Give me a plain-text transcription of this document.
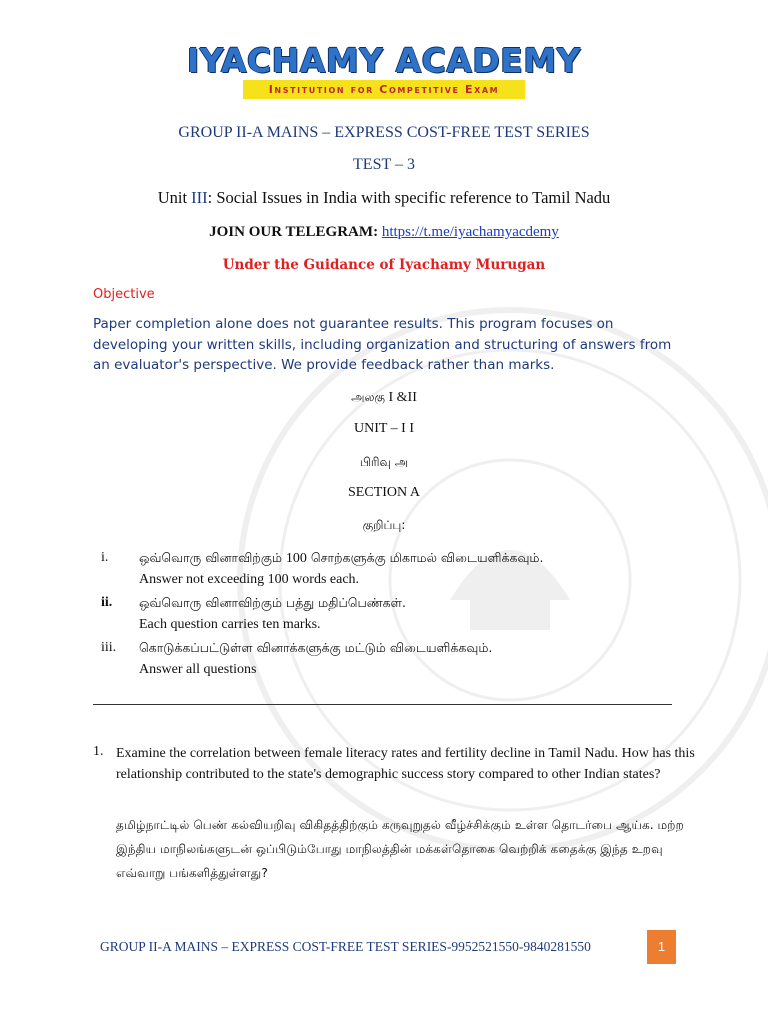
IYACHAMY ACADEMY
Institution for Competitive Exam
GROUP II-A MAINS – EXPRESS COST-FREE TEST SERIES
TEST – 3
Unit III: Social Issues in India with specific reference to Tamil Nadu
JOIN OUR TELEGRAM: https://t.me/iyachamyacdemy
Under the Guidance of Iyachamy Murugan
Objective
Paper completion alone does not guarantee results. This program focuses on developing your written skills, including organization and structuring of answers from an evaluator's perspective. We provide feedback rather than marks.
அலகு I &II
UNIT – I I
பிரிவு அ
SECTION A
குறிப்பு:
i.	ஒவ்வொரு வினாவிற்கும் 100 சொற்களுக்கு மிகாமல் விடையளிக்கவும்.
Answer not exceeding 100 words each.
ii.	ஒவ்வொரு வினாவிற்கும் பத்து மதிப்பெண்கள்.
Each question carries ten marks.
iii.	கொடுக்கப்பட்டுள்ள வினாக்களுக்கு மட்டும் விடையளிக்கவும்.
Answer all questions
1. Examine the correlation between female literacy rates and fertility decline in Tamil Nadu. How has this relationship contributed to the state's demographic success story compared to other Indian states?
தமிழ்நாட்டில் பெண் கல்வியறிவு விகிதத்திற்கும் கருவுறுதல் வீழ்ச்சிக்கும் உள்ள தொடர்பை ஆய்க. மற்ற இந்திய மாநிலங்களுடன் ஒப்பிடும்போது மாநிலத்தின் மக்கள்தொகை வெற்றிக் கதைக்கு இந்த உறவு எவ்வாறு பங்களித்துள்ளது?
GROUP II-A MAINS – EXPRESS COST-FREE TEST SERIES-9952521550-9840281550	1
